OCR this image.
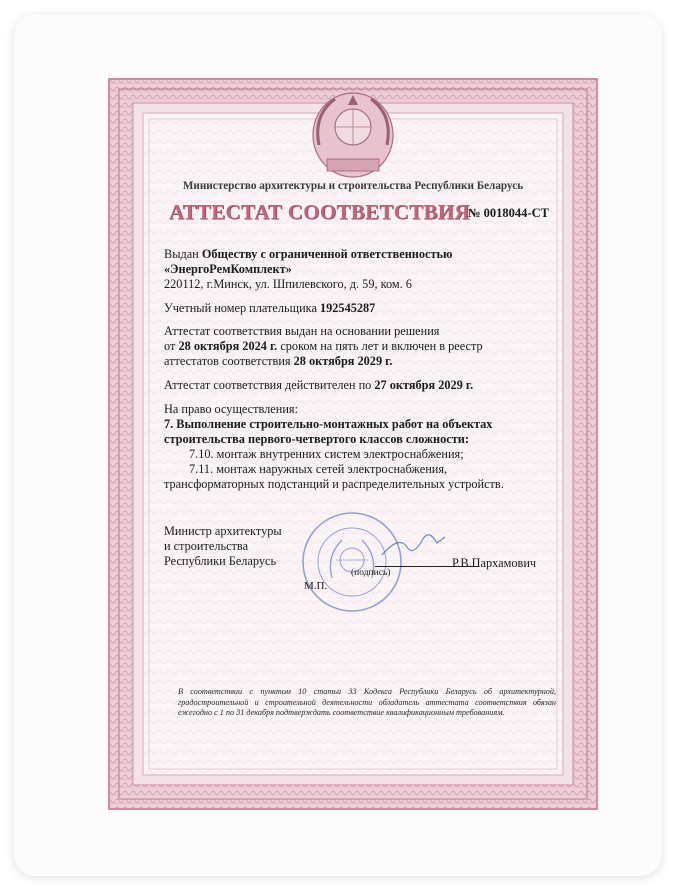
Министерство архитектуры и строительства Республики Беларусь
АТТЕСТАТ СООТВЕТСТВИЯ
№ 0018044-СТ
Выдан Обществу с ограниченной ответственностью
«ЭнергоРемКомплект»
220112, г.Минск, ул. Шпилевского, д. 59, ком. 6
Учетный номер плательщика 192545287
Аттестат соответствия выдан на основании решения
от 28 октября 2024 г. сроком на пять лет и включен в реестр
аттестатов соответствия 28 октября 2029 г.
Аттестат соответствия действителен по 27 октября 2029 г.
На право осуществления:
7. Выполнение строительно-монтажных работ на объектах
строительства первого-четвертого классов сложности:
7.10. монтаж внутренних систем электроснабжения;
7.11. монтаж наружных сетей электроснабжения,
трансформаторных подстанций и распределительных устройств.
Министр архитектуры
и строительства
Республики Беларусь
(подпись)
Р.В.Пархамович
М.П.
В соответствии с пунктом 10 статьи 33 Кодекса Республики Беларусь об архитектурной, градостроительной и строительной деятельности обладатель аттестата соответствия обязан ежегодно с 1 по 31 декабря подтверждать соответствие квалификационным требованиям.
